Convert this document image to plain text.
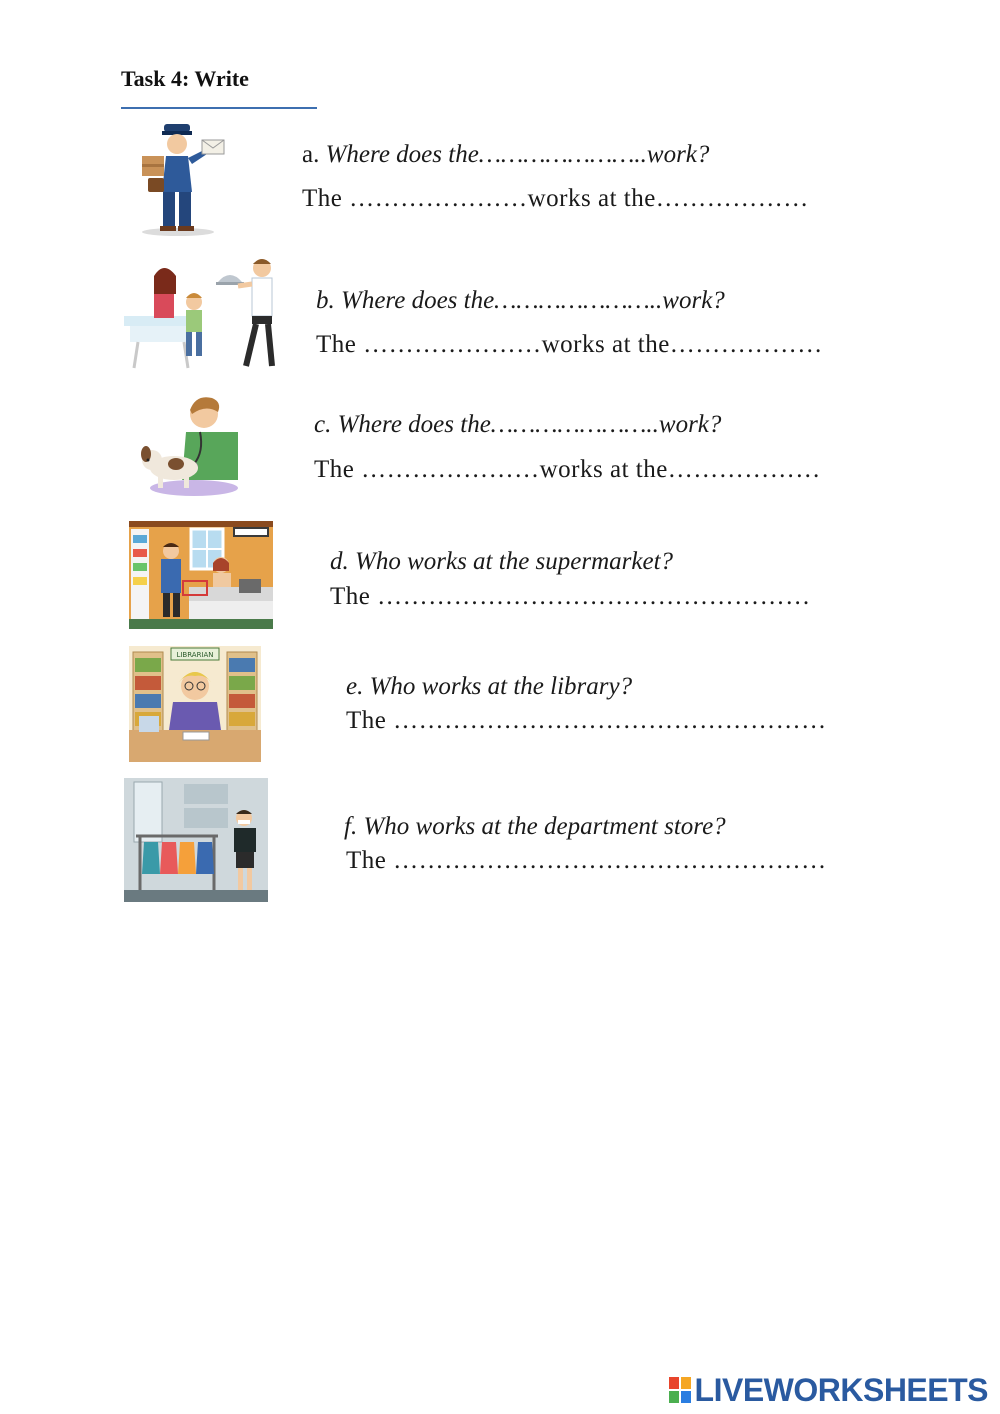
Task 4: Write
a. Where does the…………………..work?
The …………………works at the………………
b. Where does the…………………..work?
The …………………works at the………………
c. Where does the…………………..work?
The …………………works at the………………
d. Who works at the supermarket?
The ……………………………………………
LIBRARIAN
e. Who works at the library?
The ……………………………………………
f. Who works at the department store?
The ……………………………………………
LIVEWORKSHEETS
